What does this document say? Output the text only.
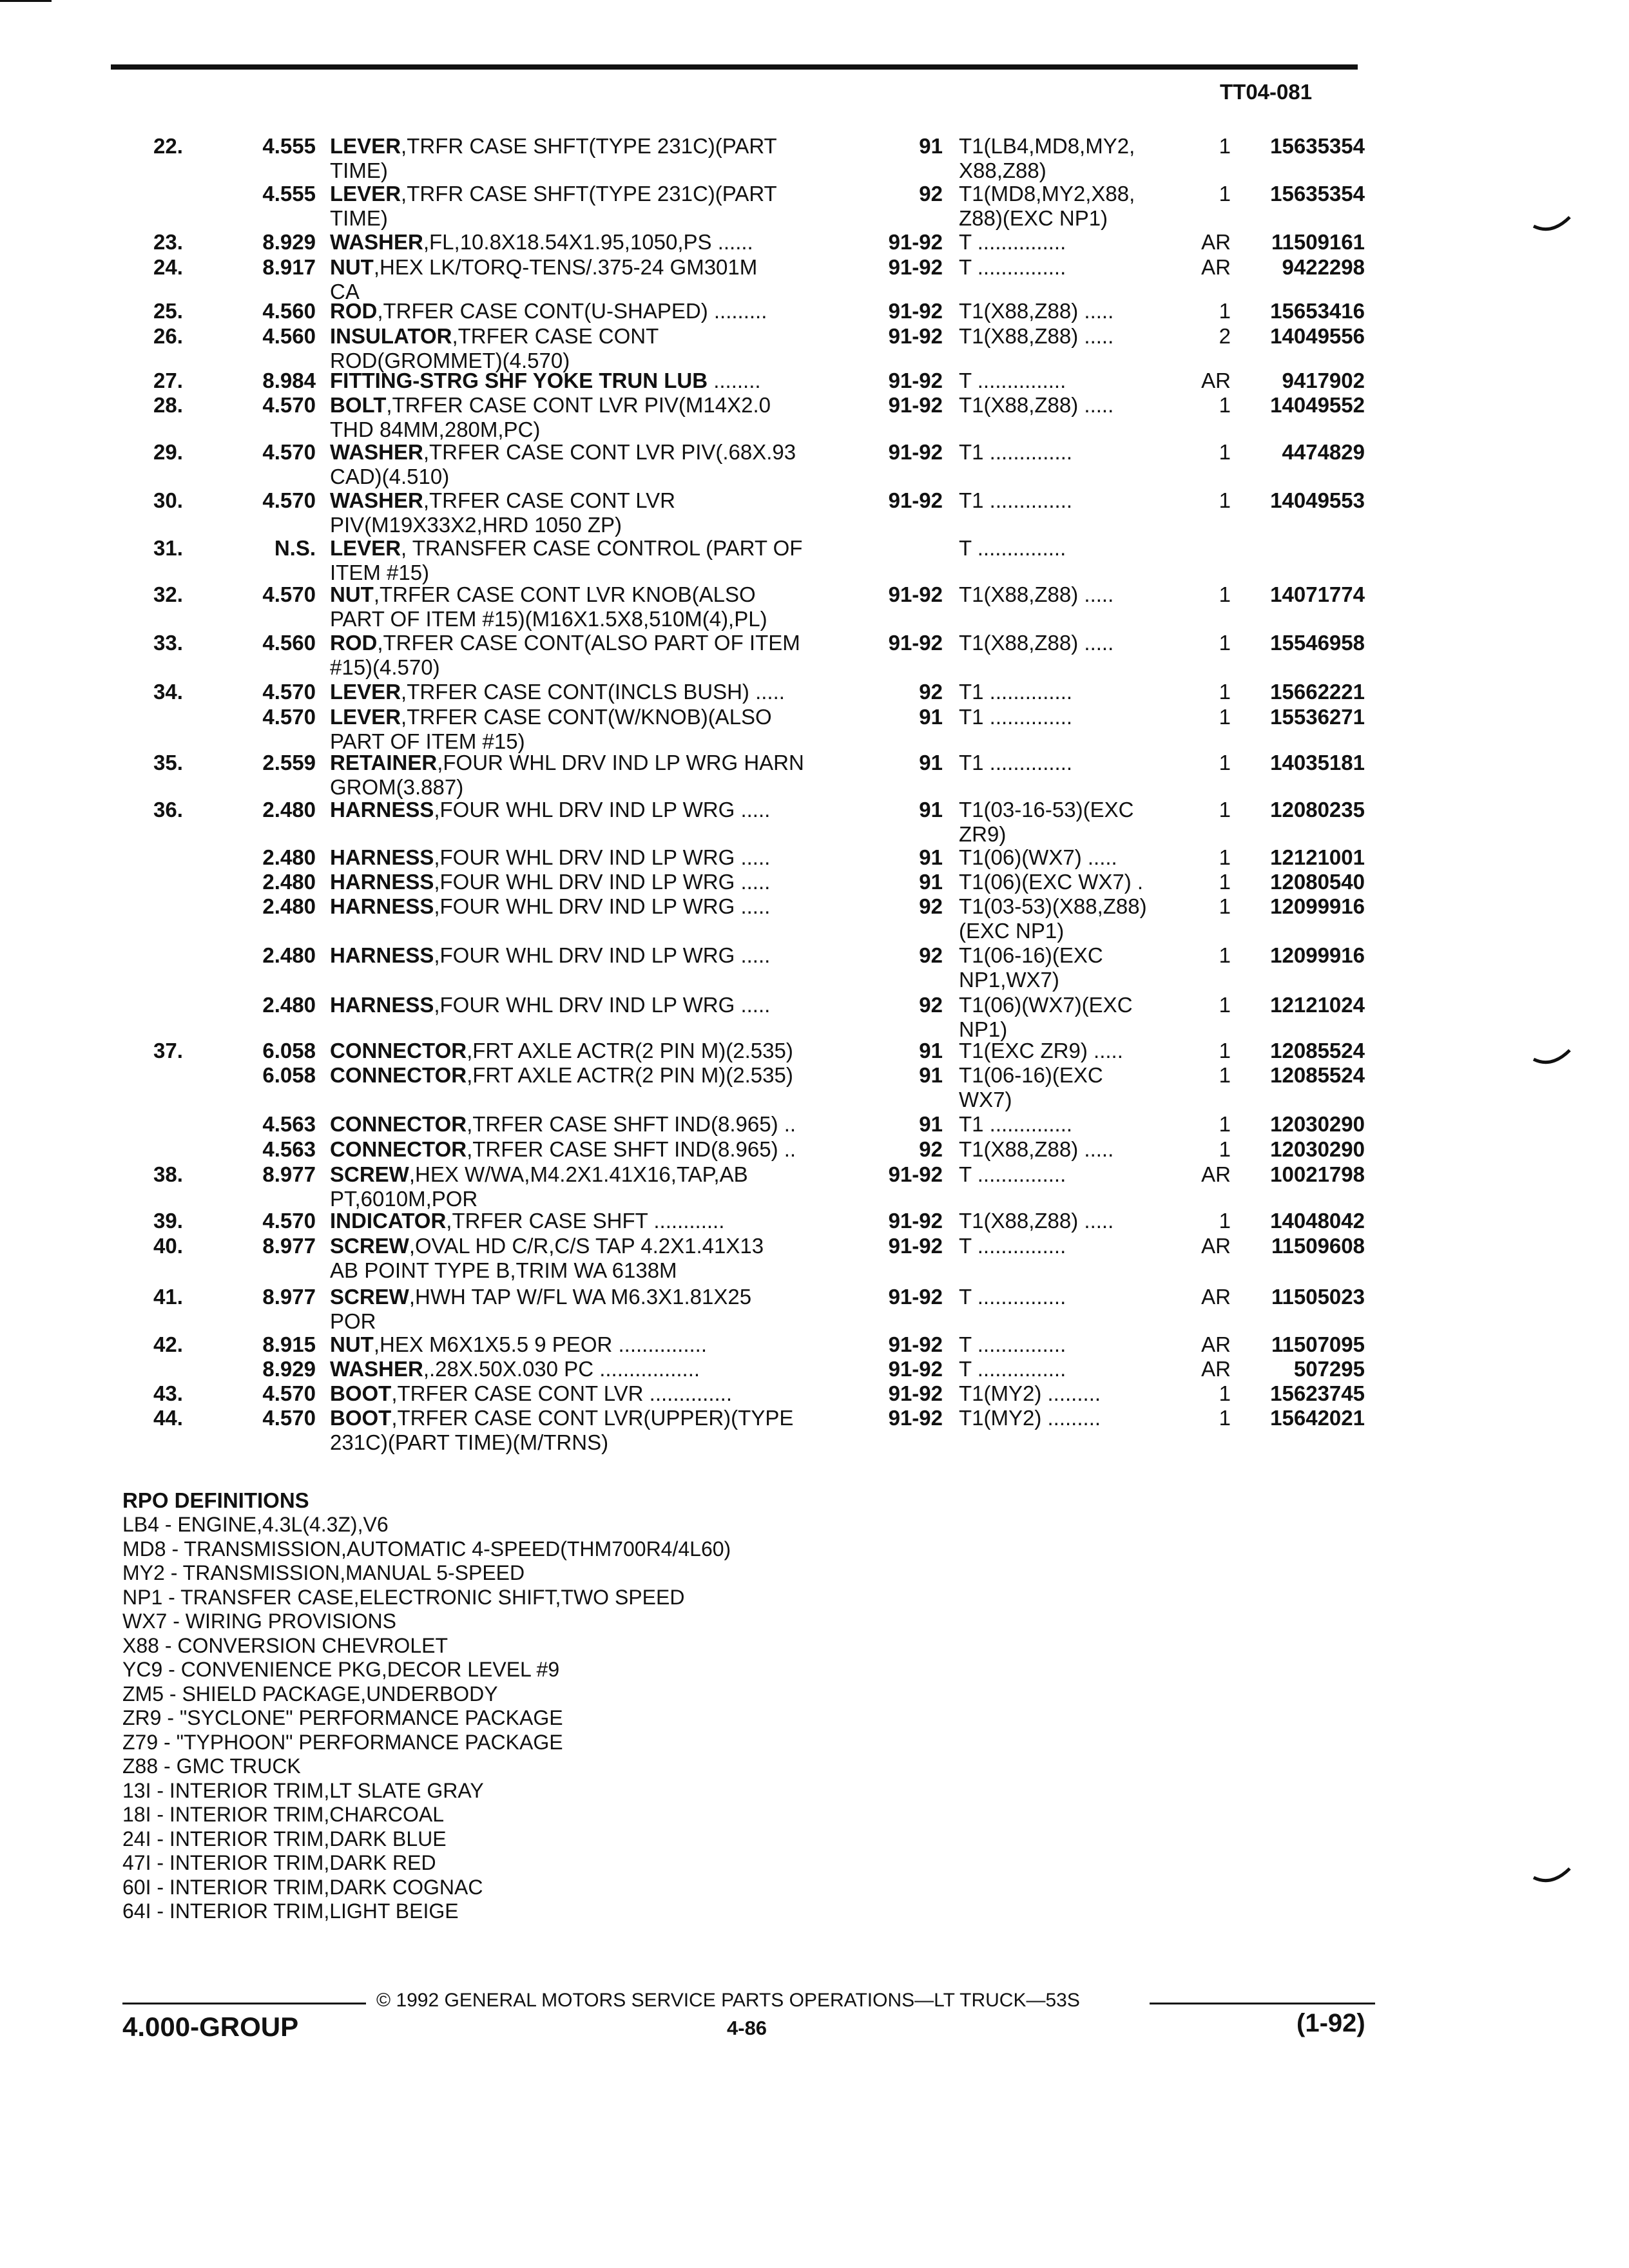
TT04-081
22.	4.555 LEVER,TRFR CASE SHFT(TYPE 231C)(PART
TIME)
91 T1(LB4,MD8,MY2,
X88,Z88)
1	15635354
4.555 LEVER,TRFR CASE SHFT(TYPE 231C)(PART
TIME)
92 T1(MD8,MY2,X88,
Z88)(EXC NP1)
1	15635354
23.	8.929 WASHER,FL,10.8X18.54X1.95,1050,PS ......	91-92 T ...............	AR	11509161
24.	8.917 NUT,HEX LK/TORQ-TENS/.375-24 GM301M
CA
91-92 T ...............	AR	9422298
25.	4.560 ROD,TRFER CASE CONT(U-SHAPED) .........	91-92 T1(X88,Z88) .....	1	15653416
26.	4.560 INSULATOR,TRFER CASE CONT
ROD(GROMMET)(4.570)
91-92 T1(X88,Z88) .....	2	14049556
27.	8.984 FITTING-STRG SHF YOKE TRUN LUB ........	91-92 T ...............	AR	9417902
28.	4.570 BOLT,TRFER CASE CONT LVR PIV(M14X2.0
THD 84MM,280M,PC)
91-92 T1(X88,Z88) .....	1	14049552
29.	4.570 WASHER,TRFER CASE CONT LVR PIV(.68X.93
CAD)(4.510)
91-92 T1 ..............	1	4474829
30.	4.570 WASHER,TRFER CASE CONT LVR
PIV(M19X33X2,HRD 1050 ZP)
91-92 T1 ..............	1	14049553
31.	N.S. LEVER, TRANSFER CASE CONTROL (PART OF
ITEM #15)
T ...............
32.	4.570 NUT,TRFER CASE CONT LVR KNOB(ALSO
PART OF ITEM #15)(M16X1.5X8,510M(4),PL)
91-92 T1(X88,Z88) .....	1	14071774
33.	4.560 ROD,TRFER CASE CONT(ALSO PART OF ITEM
#15)(4.570)
91-92 T1(X88,Z88) .....	1	15546958
34.	4.570 LEVER,TRFER CASE CONT(INCLS BUSH) .....	92 T1 ..............	1	15662221
4.570 LEVER,TRFER CASE CONT(W/KNOB)(ALSO
PART OF ITEM #15)
91 T1 ..............	1	15536271
35.	2.559 RETAINER,FOUR WHL DRV IND LP WRG HARN
GROM(3.887)
91 T1 ..............	1	14035181
36.	2.480 HARNESS,FOUR WHL DRV IND LP WRG .....	91 T1(03-16-53)(EXC
ZR9)
1	12080235
2.480 HARNESS,FOUR WHL DRV IND LP WRG .....	91 T1(06)(WX7) .....	1	12121001
2.480 HARNESS,FOUR WHL DRV IND LP WRG .....	91 T1(06)(EXC WX7) .	1	12080540
2.480 HARNESS,FOUR WHL DRV IND LP WRG .....	92 T1(03-53)(X88,Z88)
(EXC NP1)
1	12099916
2.480 HARNESS,FOUR WHL DRV IND LP WRG .....	92 T1(06-16)(EXC
NP1,WX7)
1	12099916
2.480 HARNESS,FOUR WHL DRV IND LP WRG .....	92 T1(06)(WX7)(EXC
NP1)
1	12121024
37.	6.058 CONNECTOR,FRT AXLE ACTR(2 PIN M)(2.535)	91 T1(EXC ZR9) .....	1	12085524
6.058 CONNECTOR,FRT AXLE ACTR(2 PIN M)(2.535)	91 T1(06-16)(EXC
WX7)
1	12085524
4.563 CONNECTOR,TRFER CASE SHFT IND(8.965) ..	91 T1 ..............	1	12030290
4.563 CONNECTOR,TRFER CASE SHFT IND(8.965) ..	92 T1(X88,Z88) .....	1	12030290
38.	8.977 SCREW,HEX W/WA,M4.2X1.41X16,TAP,AB
PT,6010M,POR
91-92 T ...............	AR	10021798
39.	4.570 INDICATOR,TRFER CASE SHFT ............	91-92 T1(X88,Z88) .....	1	14048042
40.	8.977 SCREW,OVAL HD C/R,C/S TAP 4.2X1.41X13
AB POINT TYPE B,TRIM WA 6138M
91-92 T ...............	AR	11509608
41.	8.977 SCREW,HWH TAP W/FL WA M6.3X1.81X25
POR
91-92 T ...............	AR	11505023
42.	8.915 NUT,HEX M6X1X5.5 9 PEOR ...............	91-92 T ...............	AR	11507095
8.929 WASHER,.28X.50X.030 PC .................	91-92 T ...............	AR	507295
43.	4.570 BOOT,TRFER CASE CONT LVR ..............	91-92 T1(MY2) .........	1	15623745
44.	4.570 BOOT,TRFER CASE CONT LVR(UPPER)(TYPE
231C)(PART TIME)(M/TRNS)
91-92 T1(MY2) .........	1	15642021
RPO DEFINITIONS
LB4 - ENGINE,4.3L(4.3Z),V6
MD8 - TRANSMISSION,AUTOMATIC 4-SPEED(THM700R4/4L60)
MY2 - TRANSMISSION,MANUAL 5-SPEED
NP1 - TRANSFER CASE,ELECTRONIC SHIFT,TWO SPEED
WX7 - WIRING PROVISIONS
X88 - CONVERSION CHEVROLET
YC9 - CONVENIENCE PKG,DECOR LEVEL #9
ZM5 - SHIELD PACKAGE,UNDERBODY
ZR9 - "SYCLONE" PERFORMANCE PACKAGE
Z79 - "TYPHOON" PERFORMANCE PACKAGE
Z88 - GMC TRUCK
13I - INTERIOR TRIM,LT SLATE GRAY
18I - INTERIOR TRIM,CHARCOAL
24I - INTERIOR TRIM,DARK BLUE
47I - INTERIOR TRIM,DARK RED
60I - INTERIOR TRIM,DARK COGNAC
64I - INTERIOR TRIM,LIGHT BEIGE
© 1992 GENERAL MOTORS SERVICE PARTS OPERATIONS—LT TRUCK—53S
4.000-GROUP	4-86	(1-92)
